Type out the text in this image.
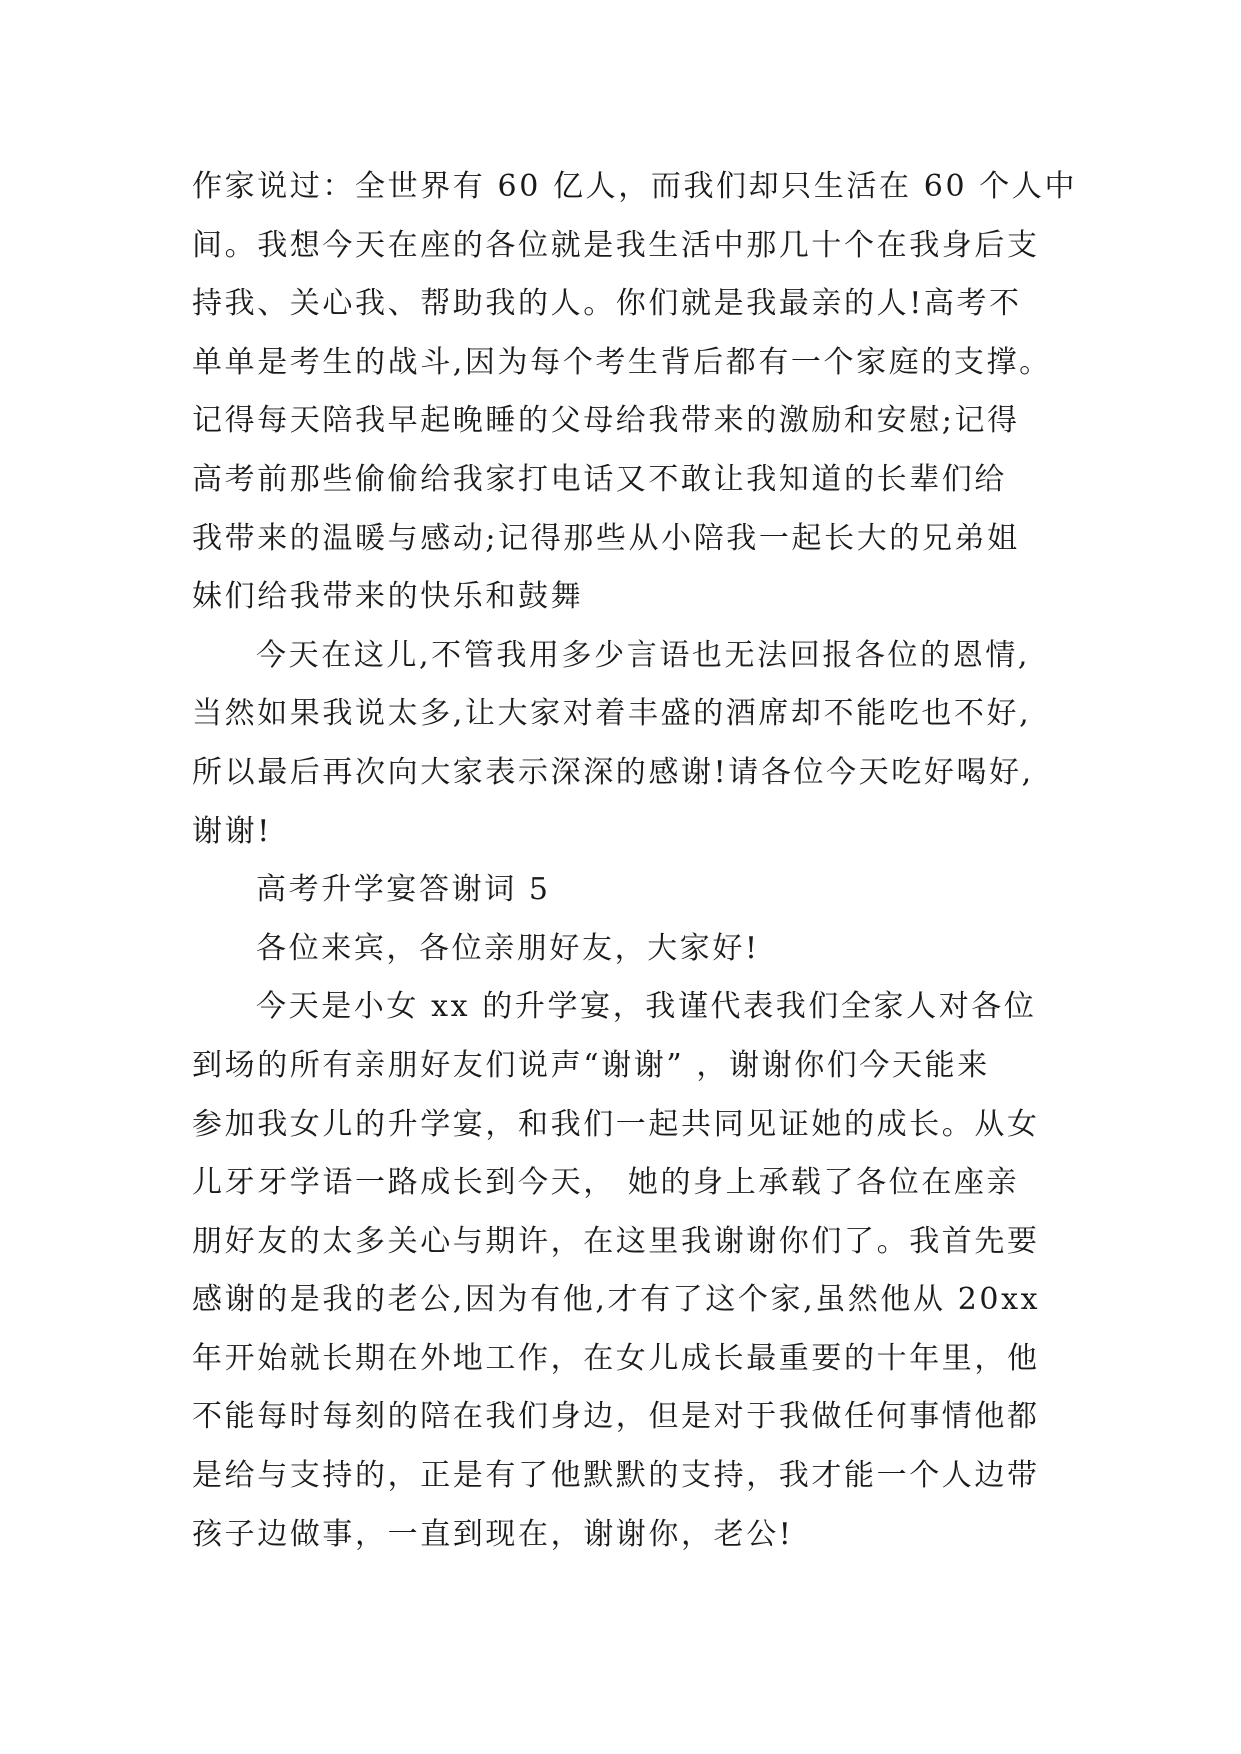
作家说过：全世界有 60 亿人，而我们却只生活在 60 个人中
间。我想今天在座的各位就是我生活中那几十个在我身后支
持我、关心我、帮助我的人。你们就是我最亲的人!高考不
单单是考生的战斗,因为每个考生背后都有一个家庭的支撑。
记得每天陪我早起晚睡的父母给我带来的激励和安慰;记得
高考前那些偷偷给我家打电话又不敢让我知道的长辈们给
我带来的温暖与感动;记得那些从小陪我一起长大的兄弟姐
妹们给我带来的快乐和鼓舞
今天在这儿,不管我用多少言语也无法回报各位的恩情,
当然如果我说太多,让大家对着丰盛的酒席却不能吃也不好,
所以最后再次向大家表示深深的感谢!请各位今天吃好喝好,
谢谢!
高考升学宴答谢词 5
各位来宾，各位亲朋好友，大家好!
今天是小女 xx 的升学宴，我谨代表我们全家人对各位
到场的所有亲朋好友们说声“谢谢” ，谢谢你们今天能来
参加我女儿的升学宴，和我们一起共同见证她的成长。从女
儿牙牙学语一路成长到今天， 她的身上承载了各位在座亲
朋好友的太多关心与期许，在这里我谢谢你们了。我首先要
感谢的是我的老公,因为有他,才有了这个家,虽然他从 20xx
年开始就长期在外地工作，在女儿成长最重要的十年里，他
不能每时每刻的陪在我们身边，但是对于我做任何事情他都
是给与支持的，正是有了他默默的支持，我才能一个人边带
孩子边做事，一直到现在，谢谢你，老公!
